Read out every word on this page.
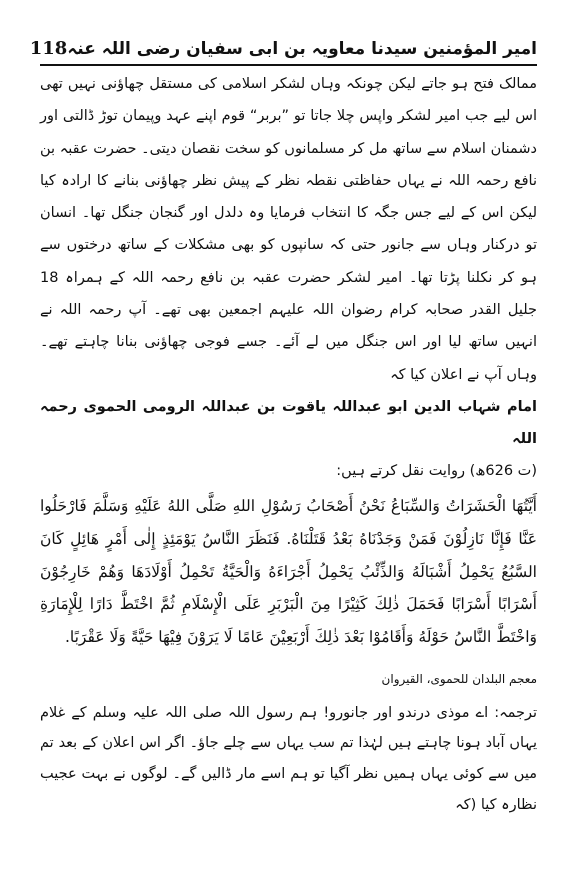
امیر المؤمنین سیدنا معاویہ بن ابی سفیان رضی اللہ عنہ
118

ممالک فتح ہو جاتے لیکن چونکہ وہاں لشکر اسلامی کی مستقل چھاؤنی نہیں تھی اس لیے جب امیر لشکر واپس چلا جاتا تو ”بربر“ قوم اپنے عہد وپیمان توڑ ڈالتی اور دشمنان اسلام سے ساتھ مل کر مسلمانوں کو سخت نقصان دیتی۔ حضرت عقبہ بن نافع رحمہ اللہ نے یہاں حفاظتی نقطہ نظر کے پیش نظر چھاؤنی بنانے کا ارادہ کیا لیکن اس کے لیے جس جگہ کا انتخاب فرمایا وہ دلدل اور گنجان جنگل تھا۔ انسان تو درکنار وہاں سے جانور حتی کہ سانپوں کو بھی مشکلات کے ساتھ درختوں سے ہو کر نکلنا پڑتا تھا۔ امیر لشکر حضرت عقبہ بن نافع رحمہ اللہ کے ہمراہ 18 جلیل القدر صحابہ کرام رضوان اللہ علیہم اجمعین بھی تھے۔ آپ رحمہ اللہ نے انہیں ساتھ لیا اور اس جنگل میں لے آئے۔ جسے فوجی چھاؤنی بنانا چاہتے تھے۔ وہاں آپ نے اعلان کیا کہ

امام شہاب الدین ابو عبداللہ یاقوت بن عبداللہ الرومی الحموی رحمہ اللہ

(ت 626ھ) روایت نقل کرتے ہیں:

أَيَّتُهَا الْحَشَرَاتُ وَالسِّبَاعُ نَحْنُ أَصْحَابُ رَسُوْلِ اللهِ صَلَّى اللهُ عَلَيْهِ وَسَلَّمَ فَارْحَلُوا عَنَّا فَإِنَّا نَازِلُوْنَ فَمَنْ وَجَدْنَاهُ بَعْدُ قَتَلْنَاهُ. فَنَظَرَ النَّاسُ يَوْمَئِذٍ إِلٰى أَمْرٍ هَائِلٍ كَانَ السَّبُعُ يَحْمِلُ أَشْبَالَهُ وَالذِّئْبُ يَحْمِلُ أَجْرَاءَهُ وَالْحَيَّةُ تَحْمِلُ أَوْلَادَهَا وَهُمْ خَارِجُوْنَ أَسْرَابًا أَسْرَابًا فَحَمَلَ ذٰلِكَ كَثِيْرًا مِنَ الْبَرْبَرِ عَلَى الْإِسْلَامِ ثُمَّ اخْتَطَّ دَارًا لِلْإِمَارَةِ وَاخْتَطَّ النَّاسُ حَوْلَهُ وَأَقَامُوْا بَعْدَ ذٰلِكَ أَرْبَعِيْنَ عَامًا لَا يَرَوْنَ فِيْهَا حَيَّةً وَلَا عَقْرَبًا.

معجم البلدان للحموی، القیروان

ترجمہ: اے موذی درندو اور جانورو! ہم رسول اللہ صلی اللہ علیہ وسلم کے غلام یہاں آباد ہونا چاہتے ہیں لہٰذا تم سب یہاں سے چلے جاؤ۔ اگر اس اعلان کے بعد تم میں سے کوئی یہاں ہمیں نظر آگیا تو ہم اسے مار ڈالیں گے۔ لوگوں نے بہت عجیب نظارہ کیا (کہ
